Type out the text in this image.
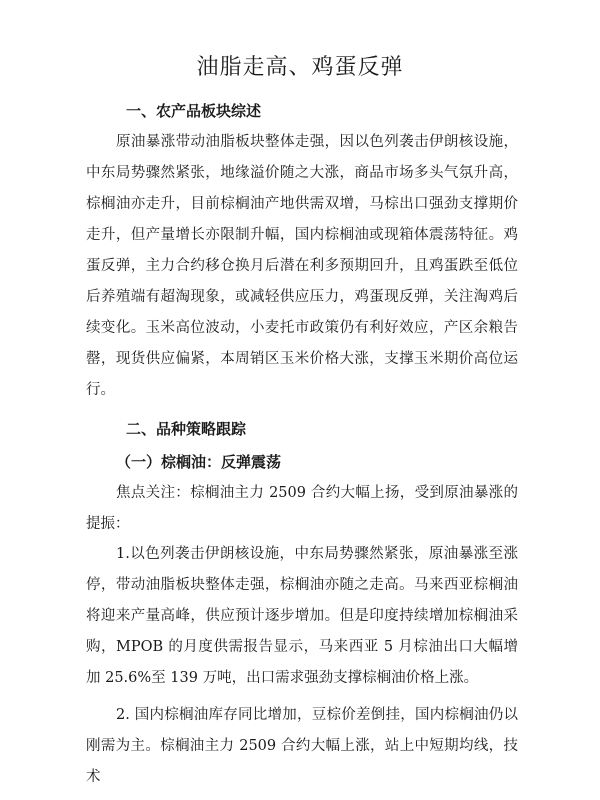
油脂走高、鸡蛋反弹
一、农产品板块综述

原油暴涨带动油脂板块整体走强，因以色列袭击伊朗核设施，中东局势骤然紧张，地缘溢价随之大涨，商品市场多头气氛升高，棕榈油亦走升，目前棕榈油产地供需双增，马棕出口强劲支撑期价走升，但产量增长亦限制升幅，国内棕榈油或现箱体震荡特征。鸡蛋反弹，主力合约移仓换月后潜在利多预期回升，且鸡蛋跌至低位后养殖端有超淘现象，或减轻供应压力，鸡蛋现反弹，关注淘鸡后续变化。玉米高位波动，小麦托市政策仍有利好效应，产区余粮告罄，现货供应偏紧，本周销区玉米价格大涨，支撑玉米期价高位运行。

二、品种策略跟踪
（一）棕榈油：反弹震荡

焦点关注：棕榈油主力 2509 合约大幅上扬，受到原油暴涨的提振：

1.以色列袭击伊朗核设施，中东局势骤然紧张，原油暴涨至涨停，带动油脂板块整体走强，棕榈油亦随之走高。马来西亚棕榈油将迎来产量高峰，供应预计逐步增加。但是印度持续增加棕榈油采购，MPOB 的月度供需报告显示，马来西亚 5 月棕油出口大幅增加 25.6%至 139 万吨，出口需求强劲支撑棕榈油价格上涨。

2. 国内棕榈油库存同比增加，豆棕价差倒挂，国内棕榈油仍以刚需为主。棕榈油主力 2509 合约大幅上涨，站上中短期均线，技术
